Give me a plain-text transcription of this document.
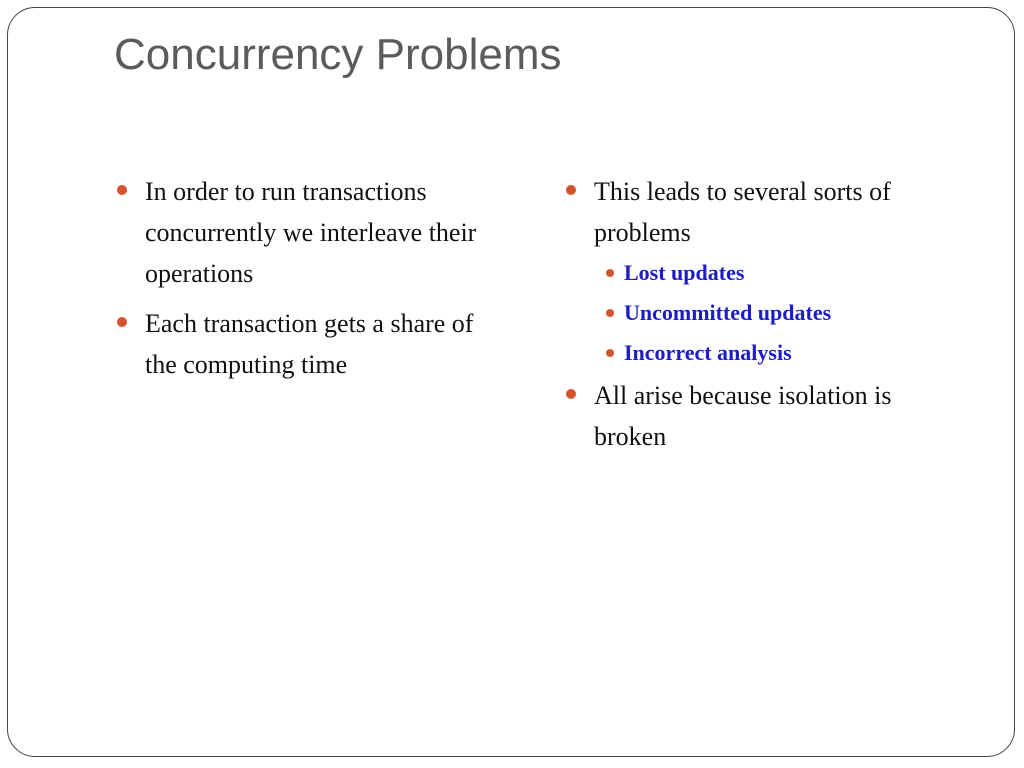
Concurrency Problems
In order to run transactions concurrently we interleave their operations
Each transaction gets a share of the computing time
This leads to several sorts of problems
Lost updates
Uncommitted updates
Incorrect analysis
All arise because isolation is broken
